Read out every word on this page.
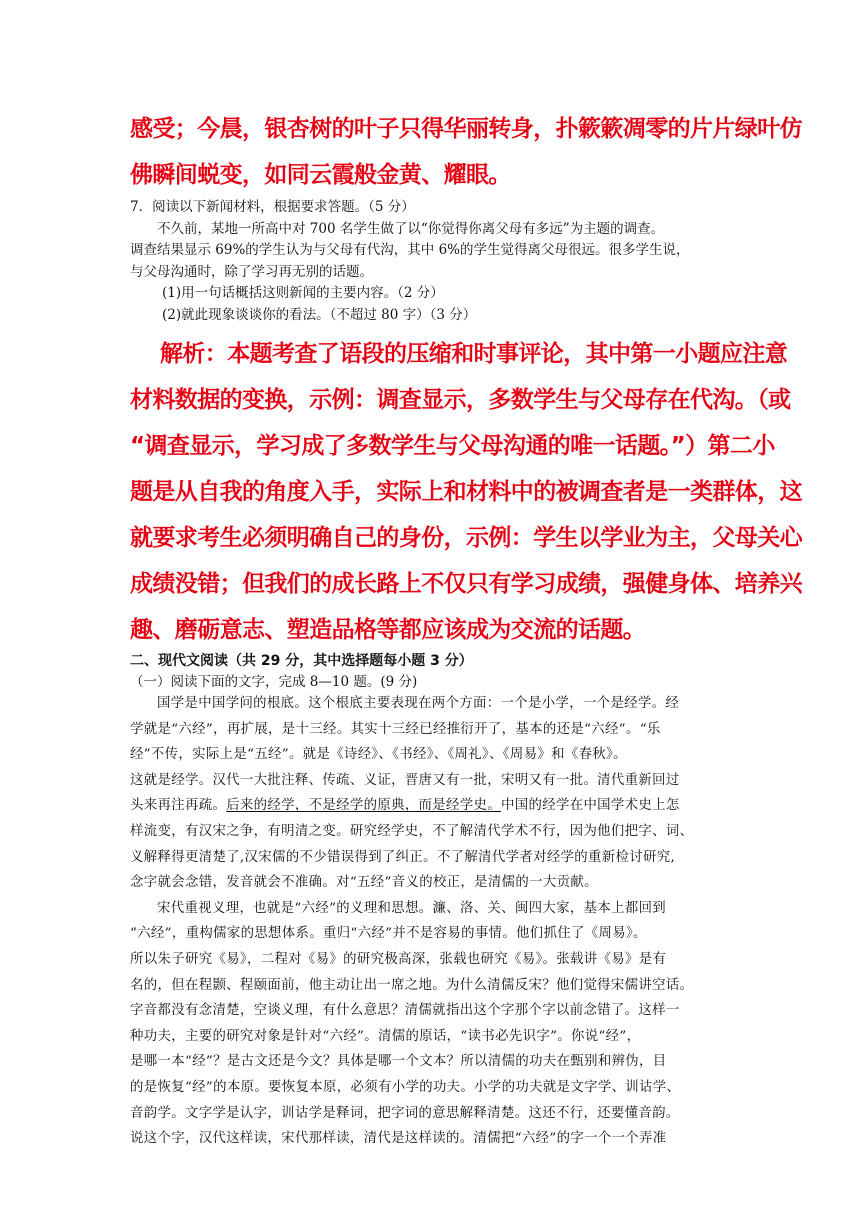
感受；今晨，银杏树的叶子只得华丽转身，扑簌簌凋零的片片绿叶仿

佛瞬间蜕变，如同云霞般金黄、耀眼。

7．阅读以下新闻材料，根据要求答题。（5 分）

不久前，某地一所高中对 700 名学生做了以“你觉得你离父母有多远”为主题的调查。

调查结果显示 69%的学生认为与父母有代沟，其中 6%的学生觉得离父母很远。很多学生说，

与父母沟通时，除了学习再无别的话题。

(1)用一句话概括这则新闻的主要内容。（2 分）

(2)就此现象谈谈你的看法。（不超过 80 字）（3 分）

解析：本题考查了语段的压缩和时事评论，其中第一小题应注意

材料数据的变换，示例：调查显示，多数学生与父母存在代沟。（或

“调查显示，学习成了多数学生与父母沟通的唯一话题。”）第二小

题是从自我的角度入手，实际上和材料中的被调查者是一类群体，这

就要求考生必须明确自己的身份，示例：学生以学业为主，父母关心

成绩没错；但我们的成长路上不仅只有学习成绩，强健身体、培养兴

趣、磨砺意志、塑造品格等都应该成为交流的话题。

二、现代文阅读（共 29 分，其中选择题每小题 3 分）

（一）阅读下面的文字，完成 8—10 题。(9 分)

国学是中国学问的根底。这个根底主要表现在两个方面：一个是小学，一个是经学。经

学就是“六经”，再扩展，是十三经。其实十三经已经推衍开了，基本的还是“六经”。“乐

经”不传，实际上是“五经”。就是《诗经》、《书经》、《周礼》、《周易》和《春秋》。

这就是经学。汉代一大批注释、传疏、义证，晋唐又有一批，宋明又有一批。清代重新回过

头来再注再疏。后来的经学，不是经学的原典，而是经学史。中国的经学在中国学术史上怎

样流变，有汉宋之争，有明清之变。研究经学史，不了解清代学术不行，因为他们把字、词、

义解释得更清楚了,汉宋儒的不少错误得到了纠正。不了解清代学者对经学的重新检讨研究,

念字就会念错，发音就会不准确。对“五经”音义的校正，是清儒的一大贡献。

宋代重视义理，也就是“六经”的义理和思想。濂、洛、关、闽四大家，基本上都回到

“六经”，重构儒家的思想体系。重归“六经”并不是容易的事情。他们抓住了《周易》。

所以朱子研究《易》，二程对《易》的研究极高深，张载也研究《易》。张载讲《易》是有

名的，但在程颢、程颐面前，他主动让出一席之地。为什么清儒反宋？他们觉得宋儒讲空话。

字音都没有念清楚，空谈义理，有什么意思？清儒就指出这个字那个字以前念错了。这样一

种功夫，主要的研究对象是针对“六经”。清儒的原话，“读书必先识字”。你说“经”，

是哪一本“经”？是古文还是今文？具体是哪一个文本？所以清儒的功夫在甄别和辨伪，目

的是恢复“经”的本原。要恢复本原，必须有小学的功夫。小学的功夫就是文字学、训诂学、

音韵学。文字学是认字，训诂学是释词，把字词的意思解释清楚。这还不行，还要懂音韵。

说这个字，汉代这样读，宋代那样读，清代是这样读的。清儒把“六经”的字一个一个弄准
